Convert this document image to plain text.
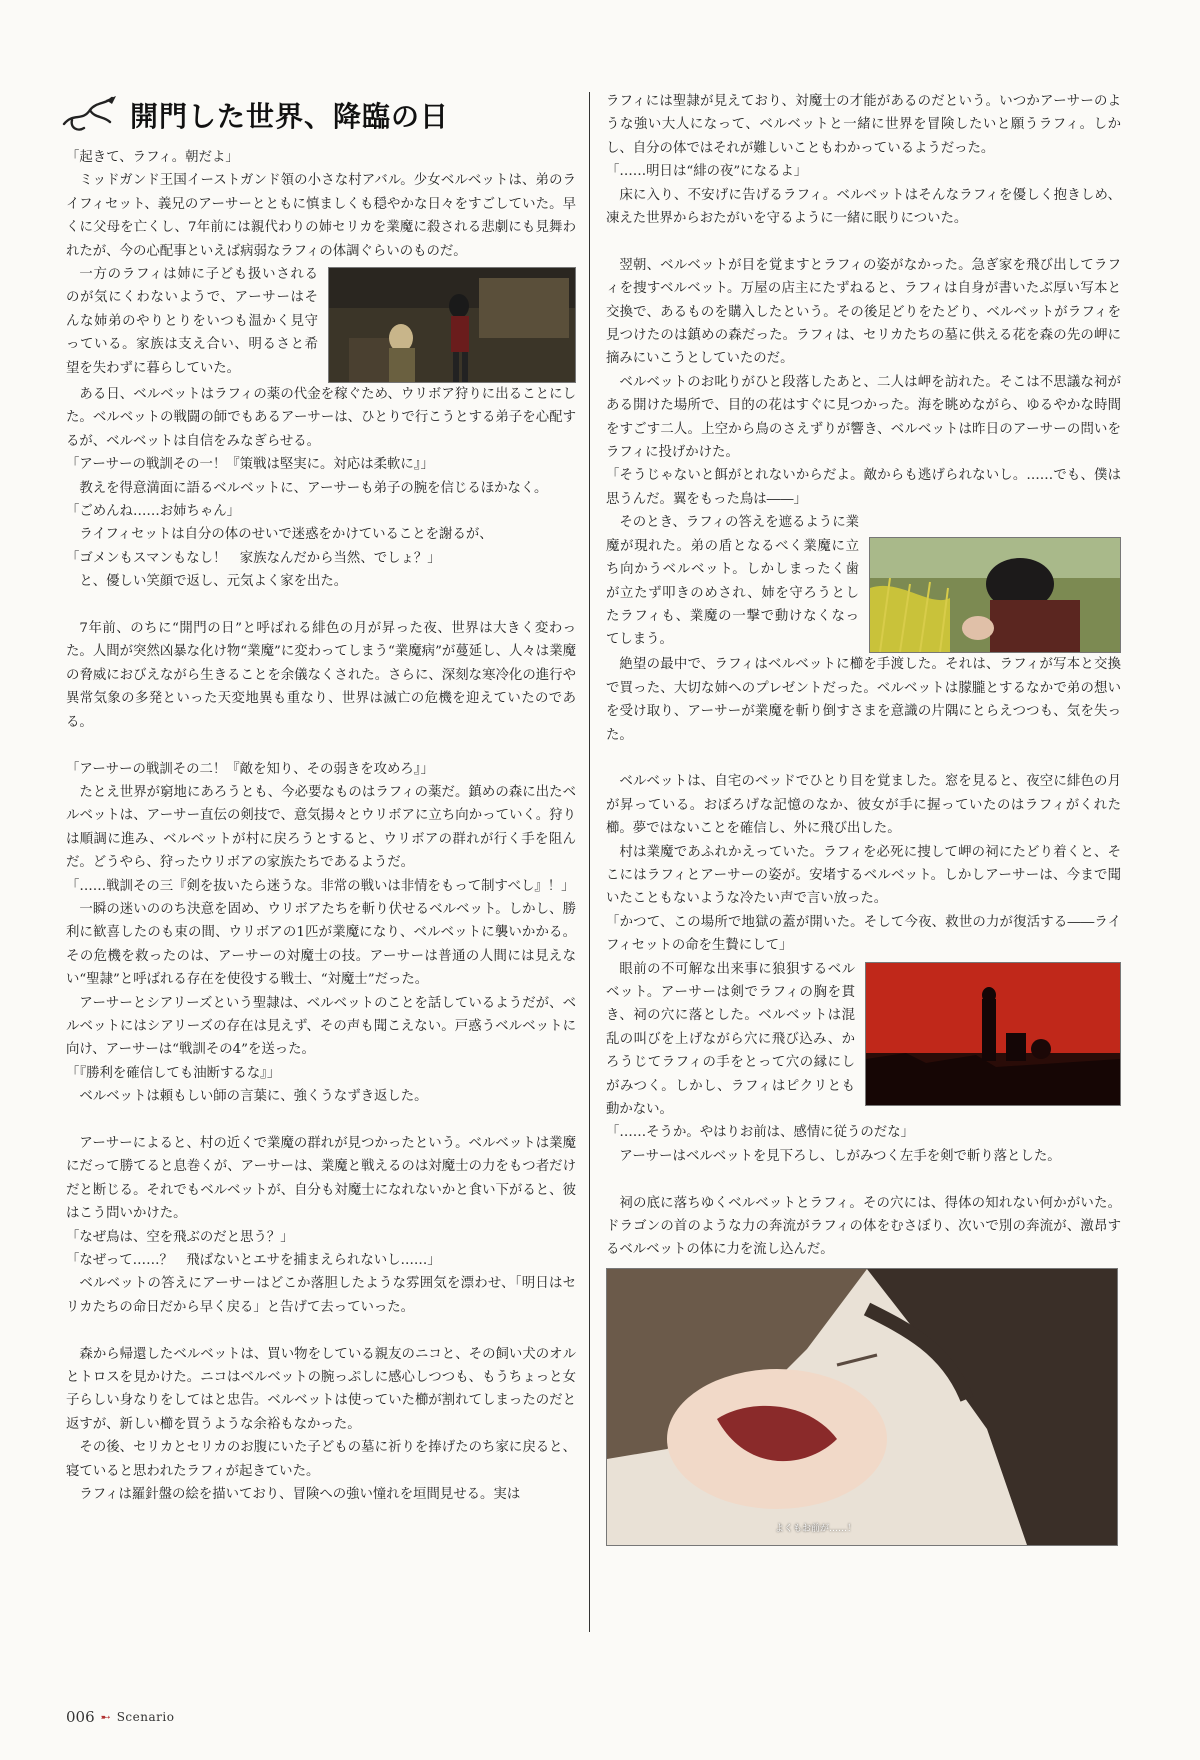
開門した世界、降臨の日

「起きて、ラフィ。朝だよ」

ミッドガンド王国イーストガンド領の小さな村アバル。少女ベルベットは、弟のライフィセット、義兄のアーサーとともに慎ましくも穏やかな日々をすごしていた。早くに父母を亡くし、7年前には親代わりの姉セリカを業魔に殺される悲劇にも見舞われたが、今の心配事といえば病弱なラフィの体調ぐらいのものだ。

一方のラフィは姉に子ども扱いされるのが気にくわないようで、アーサーはそんな姉弟のやりとりをいつも温かく見守っている。家族は支え合い、明るさと希望を失わずに暮らしていた。

ある日、ベルベットはラフィの薬の代金を稼ぐため、ウリボア狩りに出ることにした。ベルベットの戦闘の師でもあるアーサーは、ひとりで行こうとする弟子を心配するが、ベルベットは自信をみなぎらせる。

「アーサーの戦訓その一！『策戦は堅実に。対応は柔軟に』」

教えを得意満面に語るベルベットに、アーサーも弟子の腕を信じるほかなく。

「ごめんね……お姉ちゃん」

ライフィセットは自分の体のせいで迷惑をかけていることを謝るが、

「ゴメンもスマンもなし！　家族なんだから当然、でしょ？」

と、優しい笑顔で返し、元気よく家を出た。

7年前、のちに“開門の日”と呼ばれる緋色の月が昇った夜、世界は大きく変わった。人間が突然凶暴な化け物“業魔”に変わってしまう“業魔病”が蔓延し、人々は業魔の脅威におびえながら生きることを余儀なくされた。さらに、深刻な寒冷化の進行や異常気象の多発といった天変地異も重なり、世界は滅亡の危機を迎えていたのである。

「アーサーの戦訓その二！『敵を知り、その弱きを攻めろ』」

たとえ世界が窮地にあろうとも、今必要なものはラフィの薬だ。鎮めの森に出たベルベットは、アーサー直伝の剣技で、意気揚々とウリボアに立ち向かっていく。狩りは順調に進み、ベルベットが村に戻ろうとすると、ウリボアの群れが行く手を阻んだ。どうやら、狩ったウリボアの家族たちであるようだ。

「……戦訓その三『剣を抜いたら迷うな。非常の戦いは非情をもって制すべし』！」

一瞬の迷いののち決意を固め、ウリボアたちを斬り伏せるベルベット。しかし、勝利に歓喜したのも束の間、ウリボアの1匹が業魔になり、ベルベットに襲いかかる。その危機を救ったのは、アーサーの対魔士の技。アーサーは普通の人間には見えない“聖隷”と呼ばれる存在を使役する戦士、“対魔士”だった。

アーサーとシアリーズという聖隷は、ベルベットのことを話しているようだが、ベルベットにはシアリーズの存在は見えず、その声も聞こえない。戸惑うベルベットに向け、アーサーは“戦訓その4”を送った。

「『勝利を確信しても油断するな』」

ベルベットは頼もしい師の言葉に、強くうなずき返した。

アーサーによると、村の近くで業魔の群れが見つかったという。ベルベットは業魔にだって勝てると息巻くが、アーサーは、業魔と戦えるのは対魔士の力をもつ者だけだと断じる。それでもベルベットが、自分も対魔士になれないかと食い下がると、彼はこう問いかけた。

「なぜ鳥は、空を飛ぶのだと思う？」

「なぜって……？　飛ばないとエサを捕まえられないし……」

ベルベットの答えにアーサーはどこか落胆したような雰囲気を漂わせ、「明日はセリカたちの命日だから早く戻る」と告げて去っていった。

森から帰還したベルベットは、買い物をしている親友のニコと、その飼い犬のオルとトロスを見かけた。ニコはベルベットの腕っぷしに感心しつつも、もうちょっと女子らしい身なりをしてはと忠告。ベルベットは使っていた櫛が割れてしまったのだと返すが、新しい櫛を買うような余裕もなかった。

その後、セリカとセリカのお腹にいた子どもの墓に祈りを捧げたのち家に戻ると、寝ていると思われたラフィが起きていた。

ラフィは羅針盤の絵を描いており、冒険への強い憧れを垣間見せる。実は

ラフィには聖隷が見えており、対魔士の才能があるのだという。いつかアーサーのような強い大人になって、ベルベットと一緒に世界を冒険したいと願うラフィ。しかし、自分の体ではそれが難しいこともわかっているようだった。

「……明日は“緋の夜”になるよ」

床に入り、不安げに告げるラフィ。ベルベットはそんなラフィを優しく抱きしめ、凍えた世界からおたがいを守るように一緒に眠りについた。

翌朝、ベルベットが目を覚ますとラフィの姿がなかった。急ぎ家を飛び出してラフィを捜すベルベット。万屋の店主にたずねると、ラフィは自身が書いたぶ厚い写本と交換で、あるものを購入したという。その後足どりをたどり、ベルベットがラフィを見つけたのは鎮めの森だった。ラフィは、セリカたちの墓に供える花を森の先の岬に摘みにいこうとしていたのだ。

ベルベットのお叱りがひと段落したあと、二人は岬を訪れた。そこは不思議な祠がある開けた場所で、目的の花はすぐに見つかった。海を眺めながら、ゆるやかな時間をすごす二人。上空から鳥のさえずりが響き、ベルベットは昨日のアーサーの問いをラフィに投げかけた。

「そうじゃないと餌がとれないからだよ。敵からも逃げられないし。……でも、僕は思うんだ。翼をもった鳥は――」

そのとき、ラフィの答えを遮るように業魔が現れた。弟の盾となるべく業魔に立ち向かうベルベット。しかしまったく歯が立たず叩きのめされ、姉を守ろうとしたラフィも、業魔の一撃で動けなくなってしまう。

絶望の最中で、ラフィはベルベットに櫛を手渡した。それは、ラフィが写本と交換で買った、大切な姉へのプレゼントだった。ベルベットは朦朧とするなかで弟の想いを受け取り、アーサーが業魔を斬り倒すさまを意識の片隅にとらえつつも、気を失った。

ベルベットは、自宅のベッドでひとり目を覚ました。窓を見ると、夜空に緋色の月が昇っている。おぼろげな記憶のなか、彼女が手に握っていたのはラフィがくれた櫛。夢ではないことを確信し、外に飛び出した。

村は業魔であふれかえっていた。ラフィを必死に捜して岬の祠にたどり着くと、そこにはラフィとアーサーの姿が。安堵するベルベット。しかしアーサーは、今まで聞いたこともないような冷たい声で言い放った。

「かつて、この場所で地獄の蓋が開いた。そして今夜、救世の力が復活する――ライフィセットの命を生贄にして」

眼前の不可解な出来事に狼狽するベルベット。アーサーは剣でラフィの胸を貫き、祠の穴に落とした。ベルベットは混乱の叫びを上げながら穴に飛び込み、かろうじてラフィの手をとって穴の縁にしがみつく。しかし、ラフィはピクリとも動かない。

「……そうか。やはりお前は、感情に従うのだな」

アーサーはベルベットを見下ろし、しがみつく左手を剣で斬り落とした。

祠の底に落ちゆくベルベットとラフィ。その穴には、得体の知れない何かがいた。ドラゴンの首のような力の奔流がラフィの体をむさぼり、次いで別の奔流が、激昂するベルベットの体に力を流し込んだ。

よくもお前が……！
006 ➸ Scenario
